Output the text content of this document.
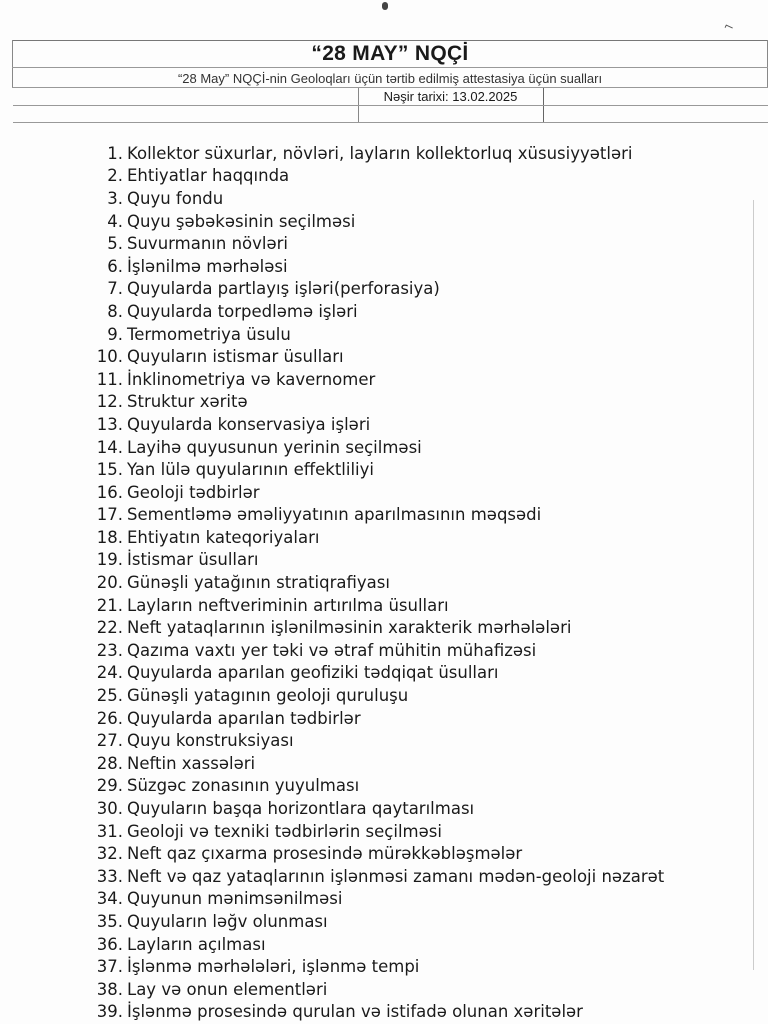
⌐
“28 MAY” NQÇİ		
“28 May” NQÇİ-nin Geoloqları üçün tərtib edilmiş attestasiya üçün sualları		
	Nəşir tarixi: 13.02.2025	

1. Kollektor süxurlar, növləri, layların kollektorluq xüsusiyyətləri
2. Ehtiyatlar haqqında
3. Quyu fondu
4. Quyu şəbəkəsinin seçilməsi
5. Suvurmanın növləri
6. İşlənilmə mərhələsi
7. Quyularda partlayış işləri(perforasiya)
8. Quyularda torpedləmə işləri
9. Termometriya üsulu
10. Quyuların istismar üsulları
11. İnklinometriya və kavernomer
12. Struktur xəritə
13. Quyularda konservasiya işləri
14. Layihə quyusunun yerinin seçilməsi
15. Yan lülə quyularının effektliliyi
16. Geoloji tədbirlər
17. Sementləmə əməliyyatının aparılmasının məqsədi
18. Ehtiyatın kateqoriyaları
19. İstismar üsulları
20. Günəşli yatağının stratiqrafiyası
21. Layların neftveriminin artırılma üsulları
22. Neft yataqlarının işlənilməsinin xarakterik mərhələləri
23. Qazıma vaxtı yer təki və ətraf mühitin mühafizəsi
24. Quyularda aparılan geofiziki tədqiqat üsulları
25. Günəşli yatagının geoloji quruluşu
26. Quyularda aparılan tədbirlər
27. Quyu konstruksiyası
28. Neftin xassələri
29. Süzgəc zonasının yuyulması
30. Quyuların başqa horizontlara qaytarılması
31. Geoloji və texniki tədbirlərin seçilməsi
32. Neft qaz çıxarma prosesində mürəkkəbləşmələr
33. Neft və qaz yataqlarının işlənməsi zamanı mədən-geoloji nəzarət
34. Quyunun mənimsənilməsi
35. Quyuların ləğv olunması
36. Layların açılması
37. İşlənmə mərhələləri, işlənmə tempi
38. Lay və onun elementləri
39. İşlənmə prosesində qurulan və istifadə olunan xəritələr
